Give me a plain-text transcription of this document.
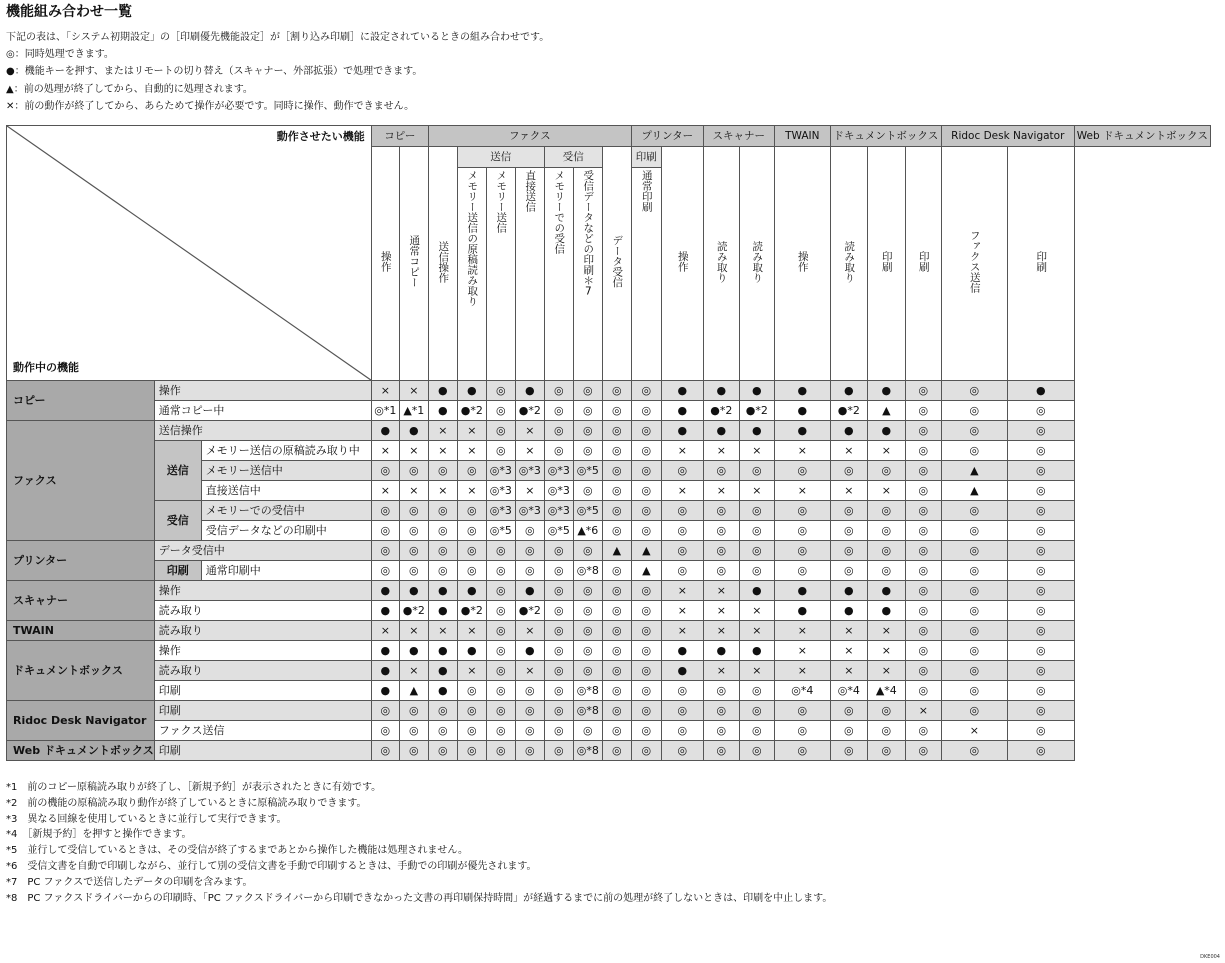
機能組み合わせ一覧
下記の表は、「システム初期設定」の［印刷優先機能設定］が［割り込み印刷］に設定されているときの組み合わせです。
◎：同時処理できます。
●：機能キーを押す、またはリモートの切り替え（スキャナー、外部拡張）で処理できます。
▲：前の処理が終了してから、自動的に処理されます。
✕：前の動作が終了してから、あらためて操作が必要です。同時に操作、動作できません。
動作させたい機能
動作中の機能			コピー		ファクス							プリンター		スキャナー		TWAIN	ドキュメントボックス			Ridoc Desk Navigator		Web ドキュメントボックス
			操作	通常コピー	送信操作	送信			受信		データ受信	印刷	操作	読み取り	読み取り	操作	読み取り	印刷	印刷	ファクス送信	印刷	
						メモリー送信の原稿読み取り	メモリー送信	直接送信	メモリーでの受信	受信データなどの印刷＊7		通常印刷										
コピー	操作		×	×	●	●	◎	●	◎	◎	◎	◎	●	●	●	●	●	●	◎	◎	●	
	通常コピー中		◎*1	▲*1	●	●*2	◎	●*2	◎	◎	◎	◎	●	●*2	●*2	●	●*2	▲	◎	◎	◎	
ファクス	送信操作		●	●	×	×	◎	×	◎	◎	◎	◎	●	●	●	●	●	●	◎	◎	◎	
	送信	メモリー送信の原稿読み取り中	×	×	×	×	◎	×	◎	◎	◎	◎	×	×	×	×	×	×	◎	◎	◎	
		メモリー送信中	◎	◎	◎	◎	◎*3	◎*3	◎*3	◎*5	◎	◎	◎	◎	◎	◎	◎	◎	◎	▲	◎	
		直接送信中	×	×	×	×	◎*3	×	◎*3	◎	◎	◎	×	×	×	×	×	×	◎	▲	◎	
	受信	メモリーでの受信中	◎	◎	◎	◎	◎*3	◎*3	◎*3	◎*5	◎	◎	◎	◎	◎	◎	◎	◎	◎	◎	◎	
		受信データなどの印刷中	◎	◎	◎	◎	◎*5	◎	◎*5	▲*6	◎	◎	◎	◎	◎	◎	◎	◎	◎	◎	◎	
プリンター	データ受信中		◎	◎	◎	◎	◎	◎	◎	◎	▲	▲	◎	◎	◎	◎	◎	◎	◎	◎	◎	
	印刷	通常印刷中	◎	◎	◎	◎	◎	◎	◎	◎*8	◎	▲	◎	◎	◎	◎	◎	◎	◎	◎	◎	
スキャナー	操作		●	●	●	●	◎	●	◎	◎	◎	◎	×	×	●	●	●	●	◎	◎	◎	
	読み取り		●	●*2	●	●*2	◎	●*2	◎	◎	◎	◎	×	×	×	●	●	●	◎	◎	◎	
TWAIN	読み取り		×	×	×	×	◎	×	◎	◎	◎	◎	×	×	×	×	×	×	◎	◎	◎	
ドキュメントボックス	操作		●	●	●	●	◎	●	◎	◎	◎	◎	●	●	●	×	×	×	◎	◎	◎	
	読み取り		●	×	●	×	◎	×	◎	◎	◎	◎	●	×	×	×	×	×	◎	◎	◎	
	印刷		●	▲	●	◎	◎	◎	◎	◎*8	◎	◎	◎	◎	◎	◎*4	◎*4	▲*4	◎	◎	◎	
Ridoc Desk Navigator	印刷		◎	◎	◎	◎	◎	◎	◎	◎*8	◎	◎	◎	◎	◎	◎	◎	◎	×	◎	◎	
	ファクス送信		◎	◎	◎	◎	◎	◎	◎	◎	◎	◎	◎	◎	◎	◎	◎	◎	◎	×	◎	
Web ドキュメントボックス	印刷		◎	◎	◎	◎	◎	◎	◎	◎*8	◎	◎	◎	◎	◎	◎	◎	◎	◎	◎	◎	
*1　前のコピー原稿読み取りが終了し、［新規予約］が表示されたときに有効です。
*2　前の機能の原稿読み取り動作が終了しているときに原稿読み取りできます。
*3　異なる回線を使用しているときに並行して実行できます。
*4　［新規予約］を押すと操作できます。
*5　並行して受信しているときは、その受信が終了するまであとから操作した機能は処理されません。
*6　受信文書を自動で印刷しながら、並行して別の受信文書を手動で印刷するときは、手動での印刷が優先されます。
*7　PC ファクスで送信したデータの印刷を含みます。
*8　PC ファクスドライバーからの印刷時、「PC ファクスドライバーから印刷できなかった文書の再印刷保持時間」が経過するまでに前の処理が終了しないときは、印刷を中止します。
DKE004
